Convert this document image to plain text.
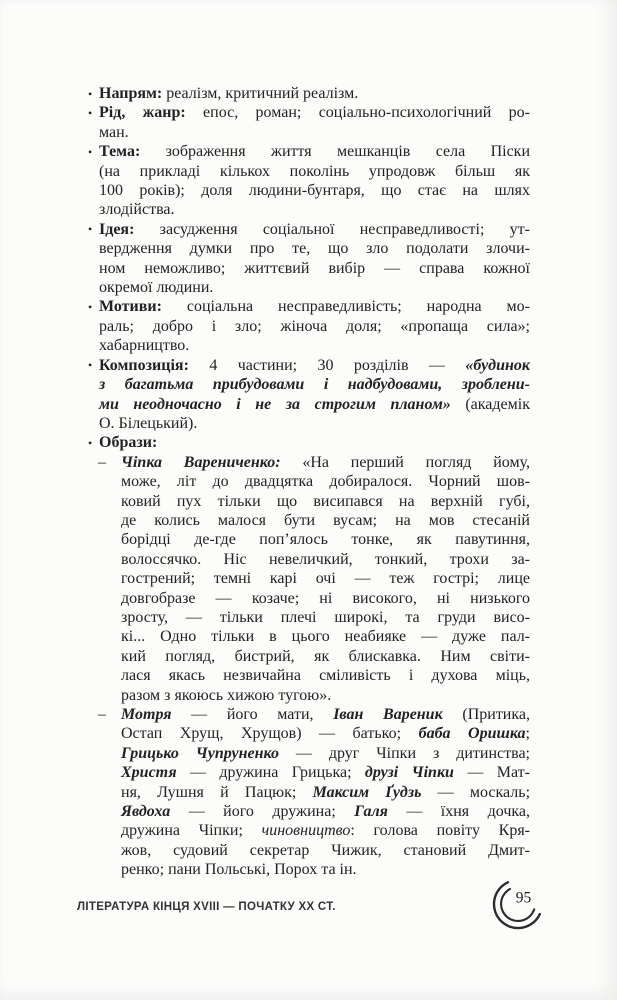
• Напрям: реалізм, критичний реалізм.
• Рід, жанр: епос, роман; соціально-психологічний ро-
ман.
• Тема: зображення життя мешканців села Піски
(на прикладі кількох поколінь упродовж більш як
100 років); доля людини-бунтаря, що стає на шлях
злодійства.
• Ідея: засудження соціальної несправедливості; ут-
вердження думки про те, що зло подолати злочи-
ном неможливо; життєвий вибір — справа кожної
окремої людини.
• Мотиви: соціальна несправедливість; народна мо-
раль; добро і зло; жіноча доля; «пропаща сила»;
хабарництво.
• Композиція: 4 частини; 30 розділів — «будинок
з багатьма прибудовами і надбудовами, зроблени-
ми неодночасно і не за строгим планом» (академік
О. Білецький).
• Образи:
– Чіпка Варениченко: «На перший погляд йому,
може, літ до двадцятка добиралося. Чорний шов-
ковий пух тільки що висипався на верхній губі,
де колись малося бути вусам; на мов стесаній
борідці де-где поп’ялось тонке, як павутиння,
волоссячко. Ніс невеличкий, тонкий, трохи за-
гострений; темні карі очі — теж гострі; лице
довгобразе — козаче; ні високого, ні низького
зросту, — тільки плечі широкі, та груди висо-
кі... Одно тільки в цього неабияке — дуже пал-
кий погляд, бистрий, як блискавка. Ним світи-
лася якась незвичайна сміливість і духова міць,
разом з якоюсь хижою тугою».
– Мотря — його мати, Іван Вареник (Притика,
Остап Хрущ, Хрущов) — батько; баба Оришка;
Грицько Чупруненко — друг Чіпки з дитинства;
Христя — дружина Грицька; друзі Чіпки — Мат-
ня, Лушня й Пацюк; Максим Ґудзь — москаль;
Явдоха — його дружина; Галя — їхня дочка,
дружина Чіпки; чиновництво: голова повіту Кря-
жов, судовий секретар Чижик, становий Дмит-
ренко; пани Польські, Порох та ін.
ЛІТЕРАТУРА КІНЦЯ XVIII — ПОЧАТКУ XX СТ.
95
